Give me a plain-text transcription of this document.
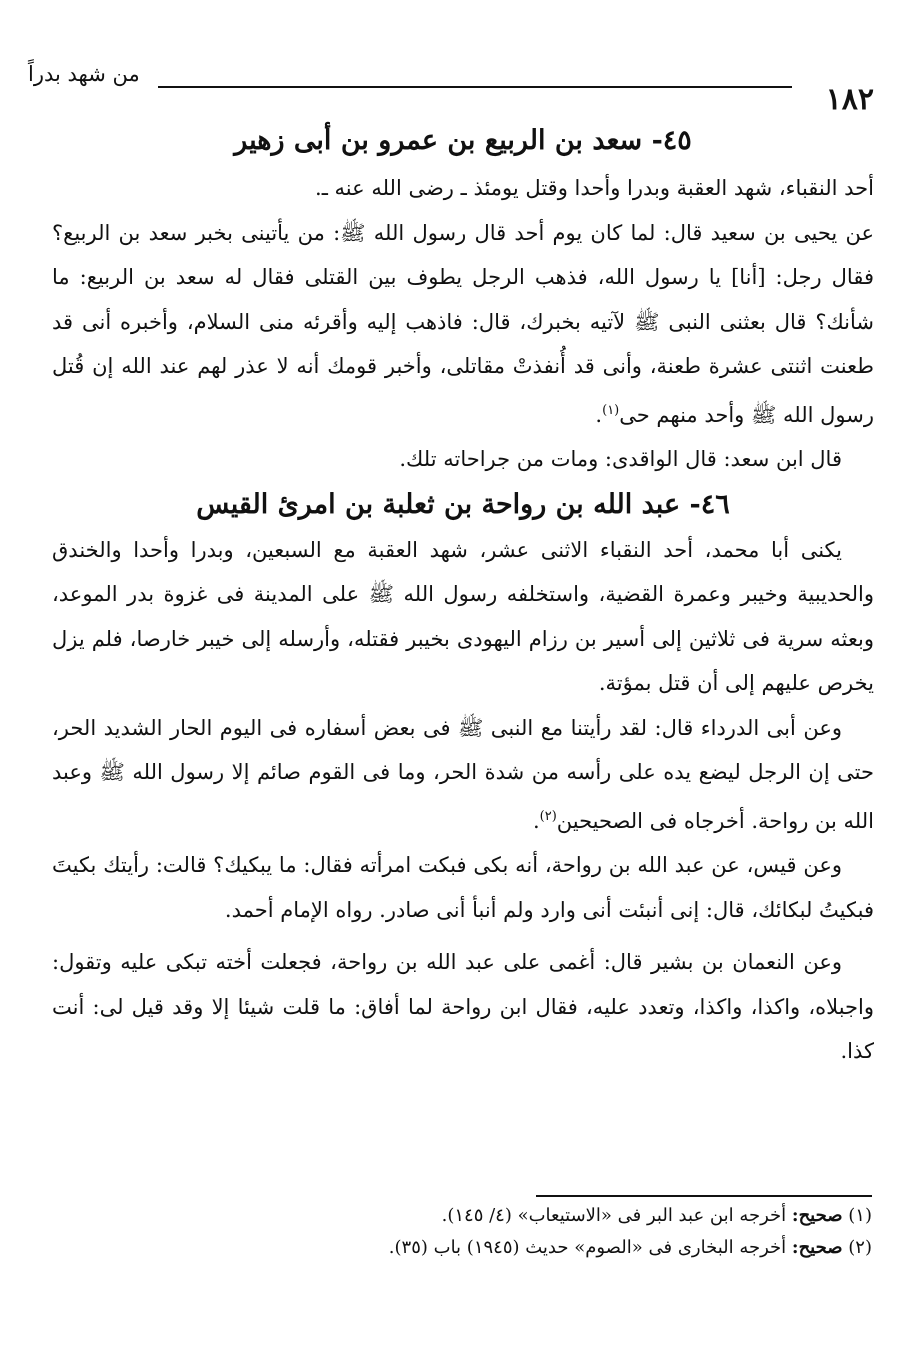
١٨٢
من شهد بدراً
٤٥- سعد بن الربيع بن عمرو بن أبى زهير

أحد النقباء، شهد العقبة وبدرا وأحدا وقتل يومئذ ـ رضى الله عنه ـ.

عن يحيى بن سعيد قال: لما كان يوم أحد قال رسول الله ﷺ: من يأتينى بخبر سعد بن الربيع؟ فقال رجل: [أنا] يا رسول الله، فذهب الرجل يطوف بين القتلى فقال له سعد بن الربيع: ما شأنك؟ قال بعثنى النبى ﷺ لآتيه بخبرك، قال: فاذهب إليه وأقرئه منى السلام، وأخبره أنى قد طعنت اثنتى عشرة طعنة، وأنى قد أُنفذتْ مقاتلى، وأخبر قومك أنه لا عذر لهم عند الله إن قُتل رسول الله ﷺ وأحد منهم حى$^{(١)}$.

قال ابن سعد: قال الواقدى: ومات من جراحاته تلك.

٤٦- عبد الله بن رواحة بن ثعلبة بن امرئ القيس

يكنى أبا محمد، أحد النقباء الاثنى عشر، شهد العقبة مع السبعين، وبدرا وأحدا والخندق والحديبية وخيبر وعمرة القضية، واستخلفه رسول الله ﷺ على المدينة فى غزوة بدر الموعد، وبعثه سرية فى ثلاثين إلى أسير بن رزام اليهودى بخيبر فقتله، وأرسله إلى خيبر خارصا، فلم يزل يخرص عليهم إلى أن قتل بمؤتة.

وعن أبى الدرداء قال: لقد رأيتنا مع النبى ﷺ فى بعض أسفاره فى اليوم الحار الشديد الحر، حتى إن الرجل ليضع يده على رأسه من شدة الحر، وما فى القوم صائم إلا رسول الله ﷺ وعبد الله بن رواحة. أخرجاه فى الصحيحين$^{(٢)}$.

وعن قيس، عن عبد الله بن رواحة، أنه بكى فبكت امرأته فقال: ما يبكيك؟ قالت: رأيتك بكيتَ فبكيتُ لبكائك، قال: إنى أنبئت أنى وارد ولم أنبأ أنى صادر. رواه الإمام أحمد.

وعن النعمان بن بشير قال: أغمى على عبد الله بن رواحة، فجعلت أخته تبكى عليه وتقول: واجبلاه، واكذا، واكذا، وتعدد عليه، فقال ابن رواحة لما أفاق: ما قلت شيئا إلا وقد قيل لى: أنت كذا.

(١) صحيح: أخرجه ابن عبد البر فى «الاستيعاب» (٤/ ١٤٥).

(٢) صحيح: أخرجه البخارى فى «الصوم» حديث (١٩٤٥) باب (٣٥).
